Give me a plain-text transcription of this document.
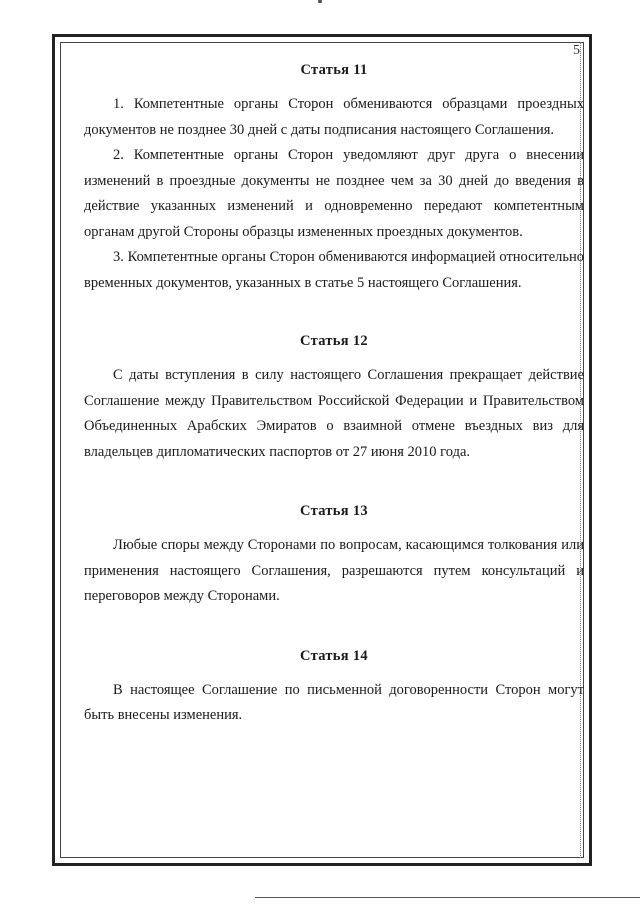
5
Статья 11

1. Компетентные органы Сторон обмениваются образцами проездных документов не позднее 30 дней с даты подписания настоящего Соглашения.

2. Компетентные органы Сторон уведомляют друг друга о внесении изменений в проездные документы не позднее чем за 30 дней до введения в действие указанных изменений и одновременно передают компетентным органам другой Стороны образцы измененных проездных документов.

3. Компетентные органы Сторон обмениваются информацией относительно временных документов, указанных в статье 5 настоящего Соглашения.

Статья 12

С даты вступления в силу настоящего Соглашения прекращает действие Соглашение между Правительством Российской Федерации и Правительством Объединенных Арабских Эмиратов о взаимной отмене въездных виз для владельцев дипломатических паспортов от 27 июня 2010 года.

Статья 13

Любые споры между Сторонами по вопросам, касающимся толкования или применения настоящего Соглашения, разрешаются путем консультаций и переговоров между Сторонами.

Статья 14

В настоящее Соглашение по письменной договоренности Сторон могут быть внесены изменения.
